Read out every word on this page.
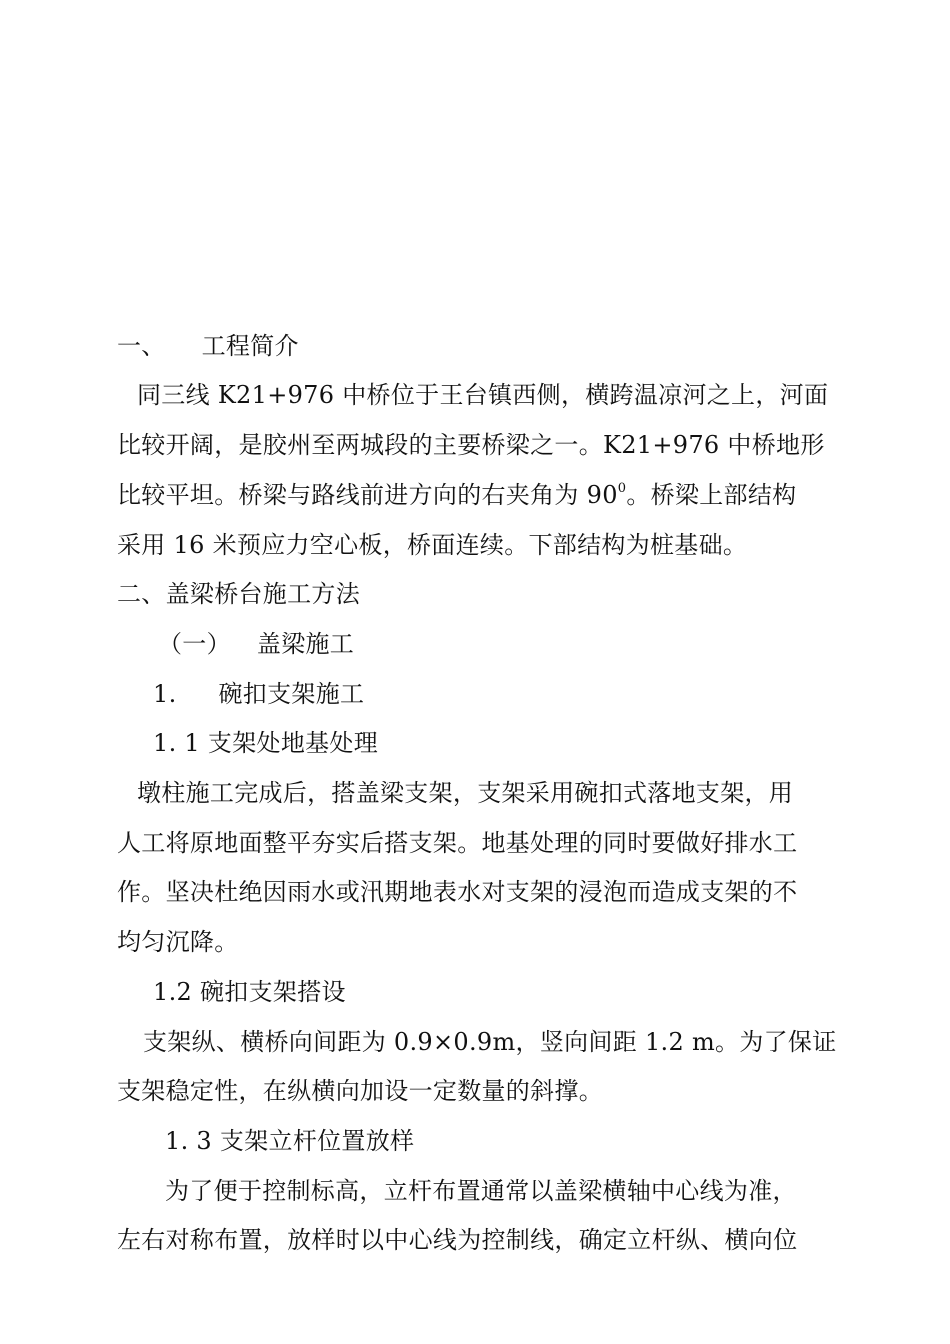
一、 工程简介
同三线 K21+976 中桥位于王台镇西侧，横跨温凉河之上，河面
比较开阔，是胶州至两城段的主要桥梁之一。K21+976 中桥地形
比较平坦。桥梁与路线前进方向的右夹角为 $90^0$。桥梁上部结构
采用 16 米预应力空心板，桥面连续。下部结构为桩基础。
二、盖梁桥台施工方法
（一） 盖梁施工
1. 碗扣支架施工
1. 1 支架处地基处理
墩柱施工完成后，搭盖梁支架，支架采用碗扣式落地支架，用
人工将原地面整平夯实后搭支架。地基处理的同时要做好排水工
作。坚决杜绝因雨水或汛期地表水对支架的浸泡而造成支架的不
均匀沉降。
1.2 碗扣支架搭设
支架纵、横桥向间距为 0.9×0.9m，竖向间距 1.2 m。为了保证
支架稳定性，在纵横向加设一定数量的斜撑。
1. 3 支架立杆位置放样
为了便于控制标高，立杆布置通常以盖梁横轴中心线为准，
左右对称布置，放样时以中心线为控制线，确定立杆纵、横向位
